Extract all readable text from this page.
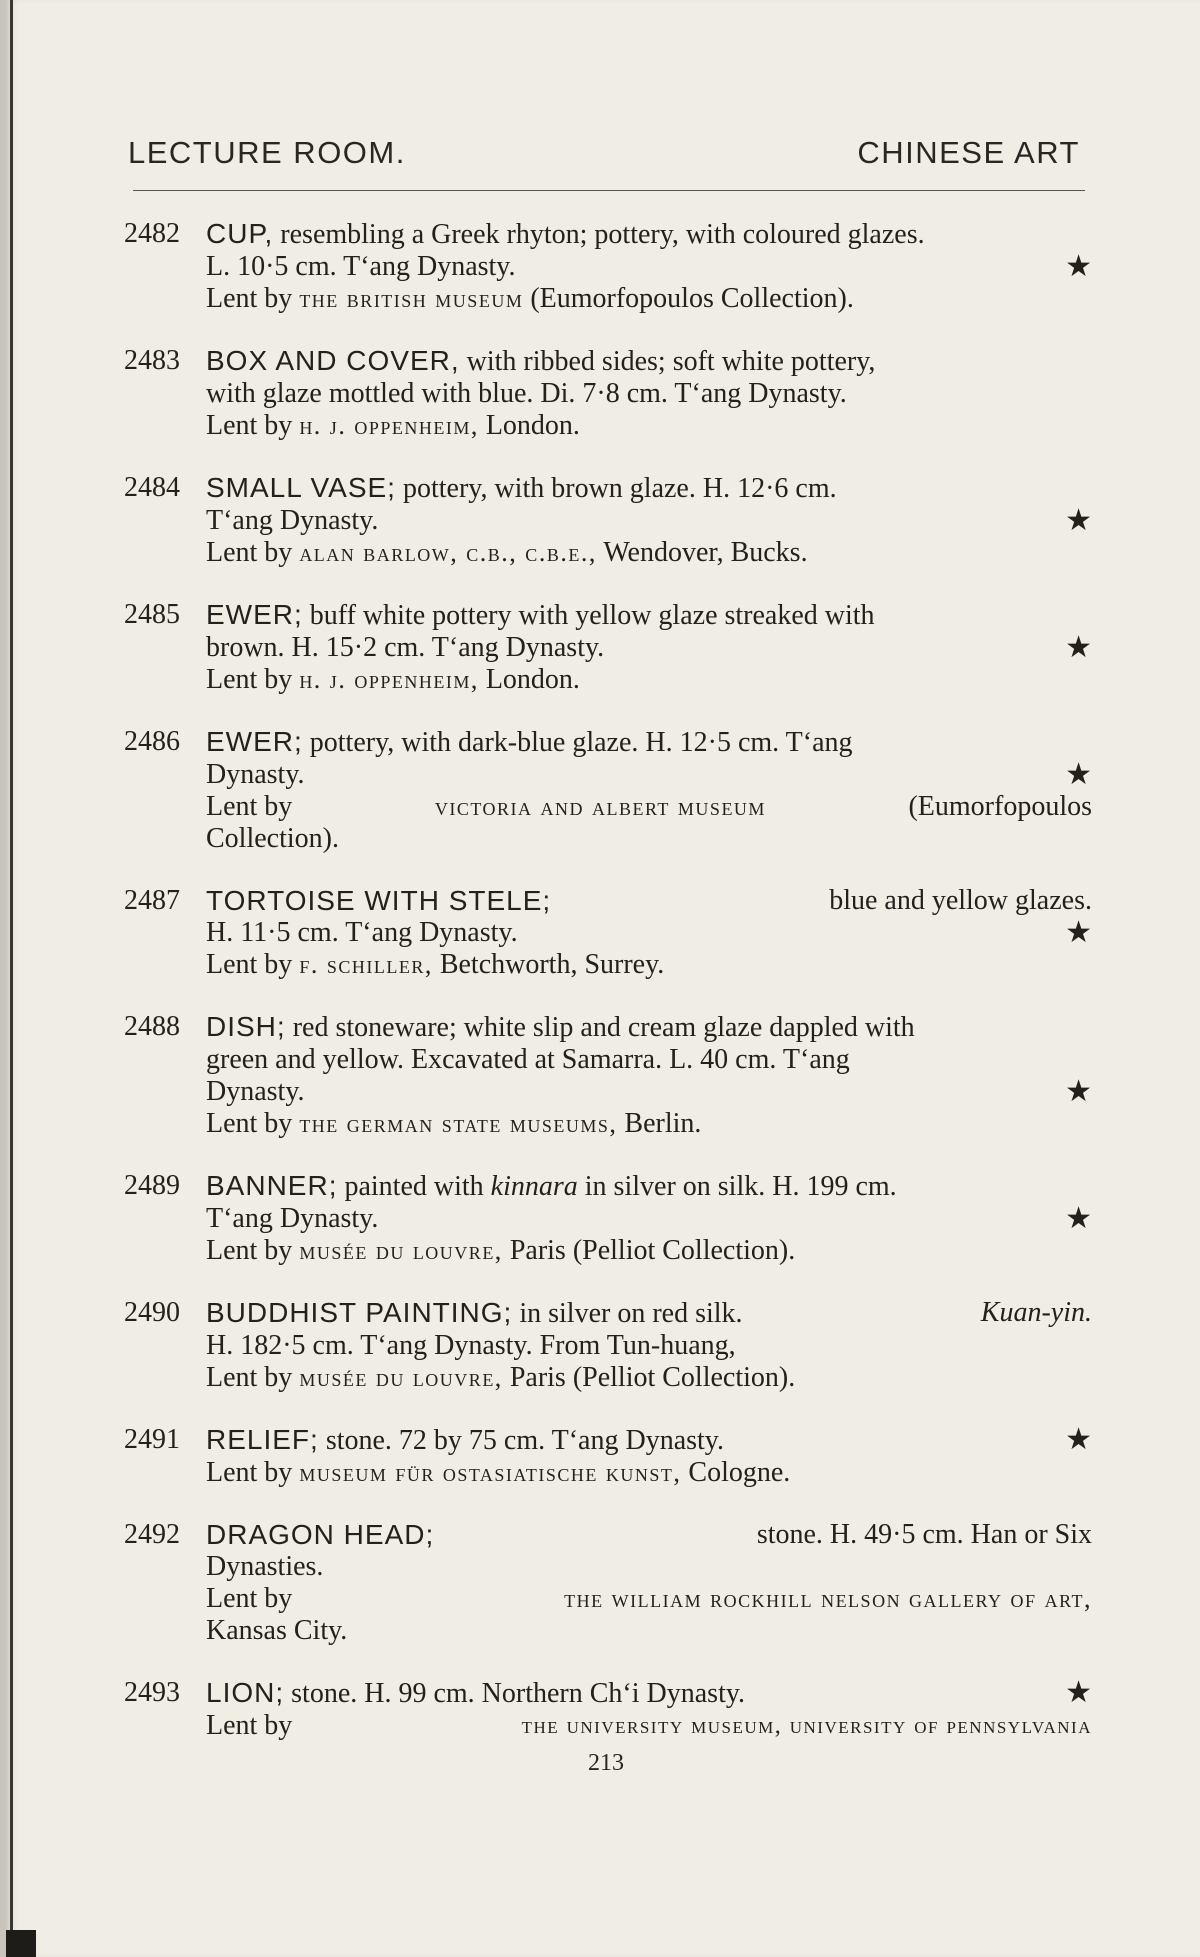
LECTURE ROOM.	CHINESE ART
2482 CUP, resembling a Greek rhyton; pottery, with coloured glazes.
L. 10·5 cm. T‘ang Dynasty.	★
Lent by the british museum (Eumorfopoulos Collection).
2483 BOX AND COVER, with ribbed sides; soft white pottery,
with glaze mottled with blue. Di. 7·8 cm. T‘ang Dynasty.
Lent by h. j. oppenheim, London.
2484 SMALL VASE; pottery, with brown glaze. H. 12·6 cm.
T‘ang Dynasty.	★
Lent by alan barlow, c.b., c.b.e., Wendover, Bucks.
2485 EWER; buff white pottery with yellow glaze streaked with
brown. H. 15·2 cm. T‘ang Dynasty.	★
Lent by h. j. oppenheim, London.
2486 EWER; pottery, with dark-blue glaze. H. 12·5 cm. T‘ang
Dynasty.	★
Lent by	victoria and albert museum	(Eumorfopoulos
Collection).
2487 TORTOISE WITH STELE;	blue and yellow glazes.
H. 11·5 cm. T‘ang Dynasty.	★
Lent by f. schiller, Betchworth, Surrey.
2488 DISH; red stoneware; white slip and cream glaze dappled with
green and yellow. Excavated at Samarra. L. 40 cm. T‘ang
Dynasty.	★
Lent by the german state museums, Berlin.
2489 BANNER; painted with kinnara in silver on silk. H. 199 cm.
T‘ang Dynasty.	★
Lent by musée du louvre, Paris (Pelliot Collection).
2490 BUDDHIST PAINTING; in silver on red silk.	Kuan-yin.
H. 182·5 cm. T‘ang Dynasty. From Tun-huang,
Lent by musée du louvre, Paris (Pelliot Collection).
2491 RELIEF; stone. 72 by 75 cm. T‘ang Dynasty.	★
Lent by museum für ostasiatische kunst, Cologne.
2492 DRAGON HEAD;	stone. H. 49·5 cm. Han or Six
Dynasties.
Lent by	the william rockhill nelson gallery of art,
Kansas City.
2493 LION; stone. H. 99 cm. Northern Ch‘i Dynasty.	★
Lent by	the university museum, university of pennsylvania
213
